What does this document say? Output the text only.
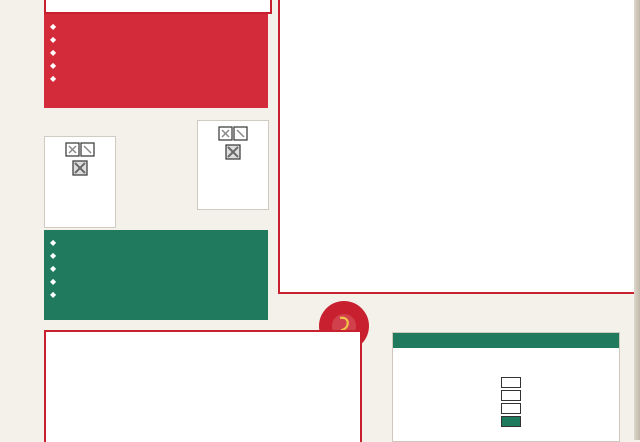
◆
◆
◆
◆
◆
◆
◆
◆
◆
◆
